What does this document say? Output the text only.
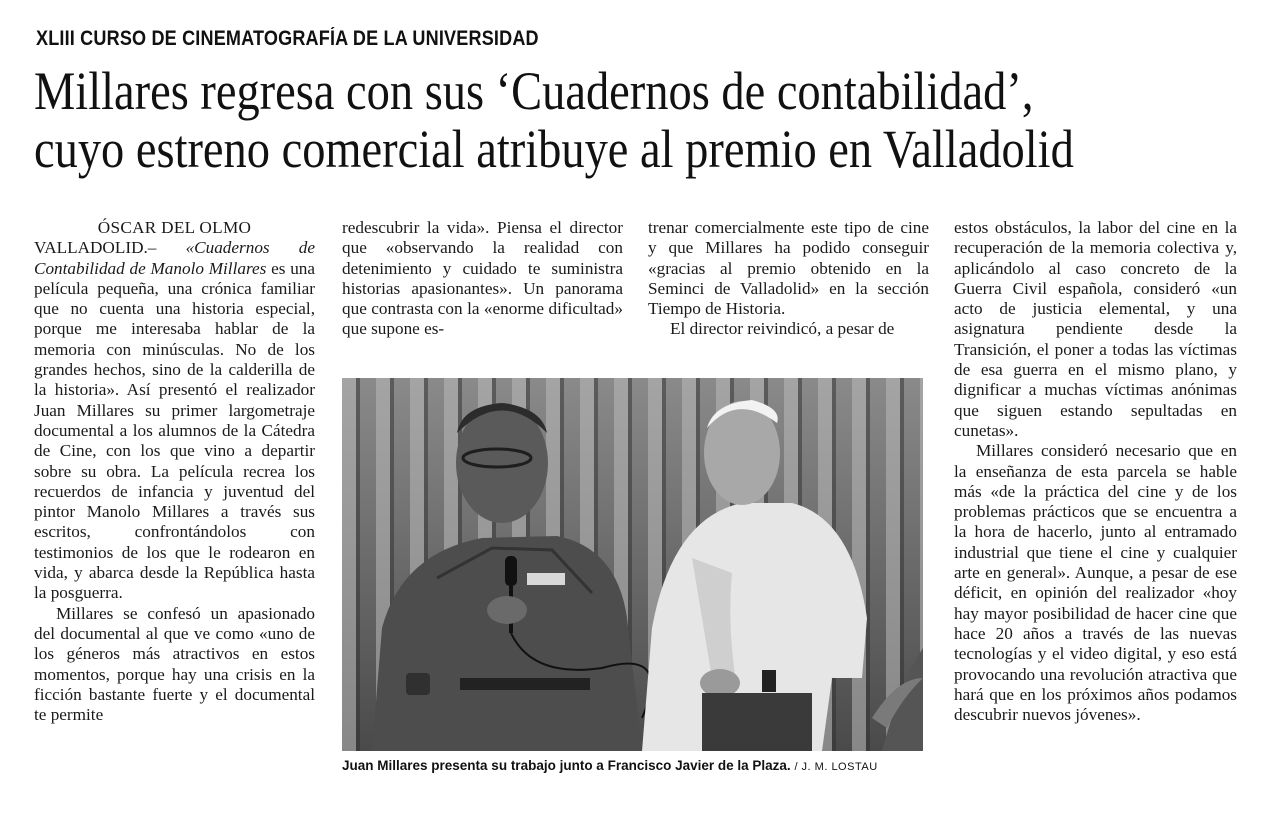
XLIII CURSO DE CINEMATOGRAFÍA DE LA UNIVERSIDAD
Millares regresa con sus ‘Cuadernos de contabilidad’,
cuyo estreno comercial atribuye al premio en Valladolid

ÓSCAR DEL OLMO

VALLADOLID.– «Cuadernos de Contabilidad de Manolo Millares es una película pequeña, una crónica familiar que no cuenta una historia especial, porque me interesaba hablar de la memoria con minúsculas. No de los grandes hechos, sino de la calderilla de la historia». Así presentó el realizador Juan Millares su primer largometraje documental a los alumnos de la Cátedra de Cine, con los que vino a departir sobre su obra. La película recrea los recuerdos de infancia y juventud del pintor Manolo Millares a través sus escritos, confrontándolos con testimonios de los que le rodearon en vida, y abarca desde la República hasta la posguerra.

Millares se confesó un apasionado del documental al que ve como «uno de los géneros más atractivos en estos momentos, porque hay una crisis en la ficción bastante fuerte y el documental te permite

redescubrir la vida». Piensa el director que «observando la realidad con detenimiento y cuidado te suministra historias apasionantes». Un panorama que contrasta con la «enorme dificultad» que supone es-

trenar comercialmente este tipo de cine y que Millares ha podido conseguir «gracias al premio obtenido en la Seminci de Valladolid» en la sección Tiempo de Historia.

El director reivindicó, a pesar de

estos obstáculos, la labor del cine en la recuperación de la memoria colectiva y, aplicándolo al caso concreto de la Guerra Civil española, consideró «un acto de justicia elemental, y una asignatura pendiente desde la Transición, el poner a todas las víctimas de esa guerra en el mismo plano, y dignificar a muchas víctimas anónimas que siguen estando sepultadas en cunetas».

Millares consideró necesario que en la enseñanza de esta parcela se hable más «de la práctica del cine y de los problemas prácticos que se encuentra a la hora de hacerlo, junto al entramado industrial que tiene el cine y cualquier arte en general». Aunque, a pesar de ese déficit, en opinión del realizador «hoy hay mayor posibilidad de hacer cine que hace 20 años a través de las nuevas tecnologías y el video digital, y eso está provocando una revolución atractiva que hará que en los próximos años podamos descubrir nuevos jóvenes».

Juan Millares presenta su trabajo junto a Francisco Javier de la Plaza. / J. M. LOSTAU
